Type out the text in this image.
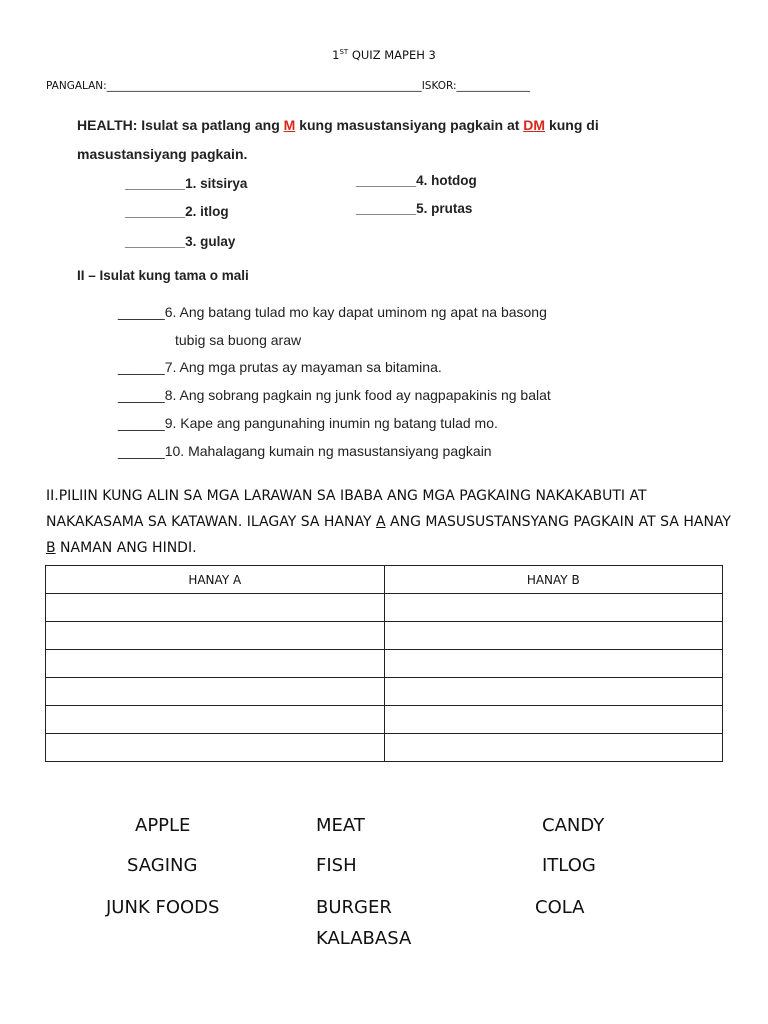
1ST QUIZ MAPEH 3
PANGALAN:____________________________________________________________ISKOR:______________
HEALTH: Isulat sa patlang ang M kung masustansiyang pagkain at DM kung di
masustansiyang pagkain.
________1. sitsirya
________2. itlog
________3. gulay
________4. hotdog
________5. prutas
II – Isulat kung tama o mali
______6. Ang batang tulad mo kay dapat uminom ng apat na basong
tubig sa buong araw
______7. Ang mga prutas ay mayaman sa bitamina.
______8. Ang sobrang pagkain ng junk food ay nagpapakinis ng balat
______9. Kape ang pangunahing inumin ng batang tulad mo.
______10. Mahalagang kumain ng masustansiyang pagkain
II.PILIIN KUNG ALIN SA MGA LARAWAN SA IBABA ANG MGA PAGKAING NAKAKABUTI AT NAKAKASAMA SA KATAWAN. ILAGAY SA HANAY A ANG MASUSUSTANSYANG PAGKAIN AT SA HANAY B NAMAN ANG HINDI.
HANAY A	HANAY B

APPLE	MEAT	CANDY
SAGING	FISH	ITLOG
JUNK FOODS	BURGER	COLA
KALABASA
